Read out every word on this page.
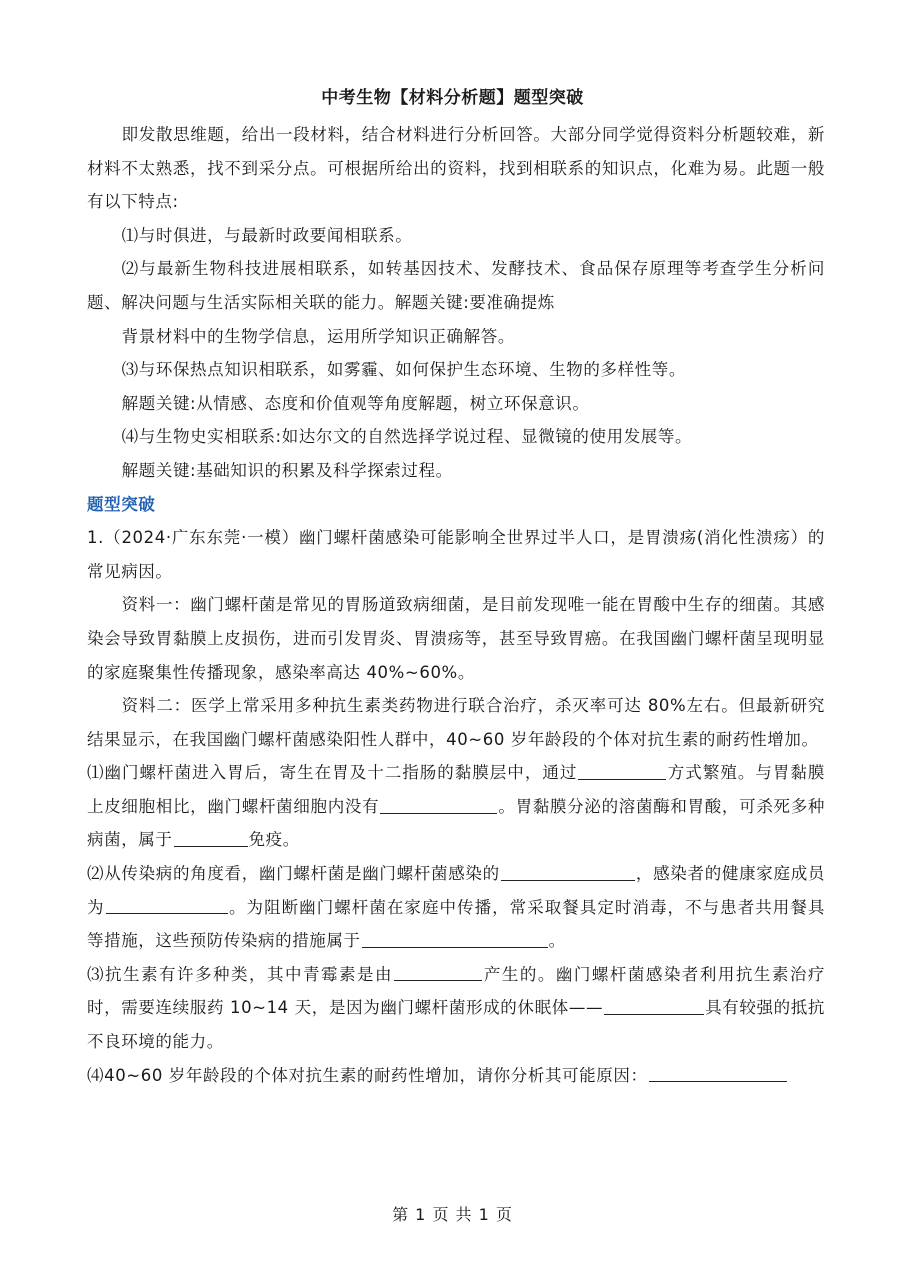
中考生物【材料分析题】题型突破

即发散思维题，给出一段材料，结合材料进行分析回答。大部分同学觉得资料分析题较难，新材料不太熟悉，找不到采分点。可根据所给出的资料，找到相联系的知识点，化难为易。此题一般有以下特点:

⑴与时俱进，与最新时政要闻相联系。

⑵与最新生物科技进展相联系，如转基因技术、发酵技术、食品保存原理等考查学生分析问题、解决问题与生活实际相关联的能力。解题关键:要准确提炼

背景材料中的生物学信息，运用所学知识正确解答。

⑶与环保热点知识相联系，如雾霾、如何保护生态环境、生物的多样性等。

解题关键:从情感、态度和价值观等角度解题，树立环保意识。

⑷与生物史实相联系:如达尔文的自然选择学说过程、显微镜的使用发展等。

解题关键:基础知识的积累及科学探索过程。

题型突破

1.（2024·广东东莞·一模）幽门螺杆菌感染可能影响全世界过半人口，是胃溃疡(消化性溃疡）的常见病因。

资料一：幽门螺杆菌是常见的胃肠道致病细菌，是目前发现唯一能在胃酸中生存的细菌。其感染会导致胃黏膜上皮损伤，进而引发胃炎、胃溃疡等，甚至导致胃癌。在我国幽门螺杆菌呈现明显的家庭聚集性传播现象，感染率高达 40%~60%。

资料二：医学上常采用多种抗生素类药物进行联合治疗，杀灭率可达 80%左右。但最新研究结果显示，在我国幽门螺杆菌感染阳性人群中，40~60 岁年龄段的个体对抗生素的耐药性增加。

⑴幽门螺杆菌进入胃后，寄生在胃及十二指肠的黏膜层中，通过	方式繁殖。与胃黏膜上皮细胞相比，幽门螺杆菌细胞内没有	。胃黏膜分泌的溶菌酶和胃酸，可杀死多种病菌，属于	免疫。

⑵从传染病的角度看，幽门螺杆菌是幽门螺杆菌感染的	，感染者的健康家庭成员为	。为阻断幽门螺杆菌在家庭中传播，常采取餐具定时消毒，不与患者共用餐具等措施，这些预防传染病的措施属于	。

⑶抗生素有许多种类，其中青霉素是由	产生的。幽门螺杆菌感染者利用抗生素治疗时，需要连续服药 10~14 天，是因为幽门螺杆菌形成的休眠体——	具有较强的抵抗不良环境的能力。

⑷40~60 岁年龄段的个体对抗生素的耐药性增加，请你分析其可能原因：

第 1 页 共 1 页
